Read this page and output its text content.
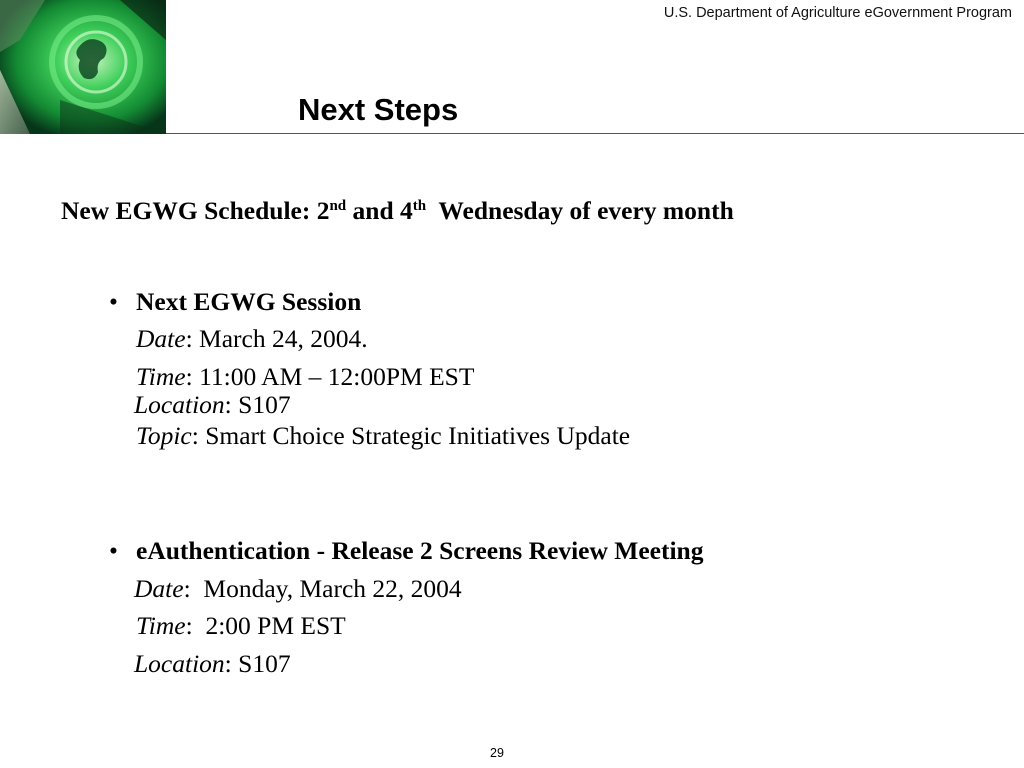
U.S. Department of Agriculture eGovernment Program
Next Steps
New EGWG Schedule: 2nd and 4th  Wednesday of every month
• Next EGWG Session
Date: March 24, 2004.
Time: 11:00 AM – 12:00PM EST
Location: S107
Topic: Smart Choice Strategic Initiatives Update
• eAuthentication - Release 2 Screens Review Meeting
Date:  Monday, March 22, 2004
Time:  2:00 PM EST
Location: S107
29
